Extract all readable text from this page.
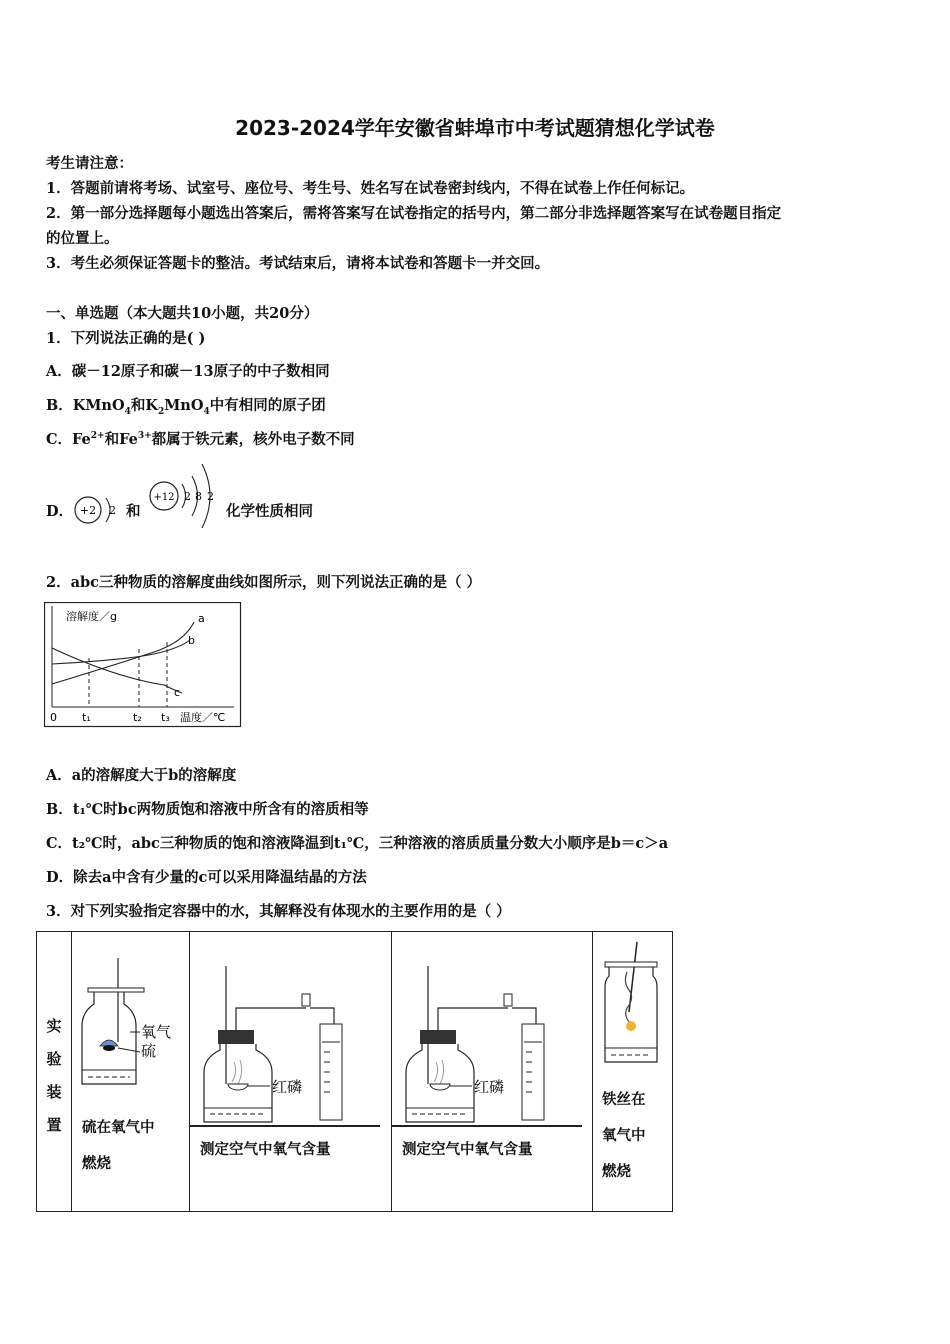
2023-2024学年安徽省蚌埠市中考试题猜想化学试卷
考生请注意：
1．答题前请将考场、试室号、座位号、考生号、姓名写在试卷密封线内，不得在试卷上作任何标记。
2．第一部分选择题每小题选出答案后，需将答案写在试卷指定的括号内，第二部分非选择题答案写在试卷题目指定
的位置上。
3．考生必须保证答题卡的整洁。考试结束后，请将本试卷和答题卡一并交回。
一、单选题（本大题共10小题，共20分）
1．下列说法正确的是( )
A．碳－12原子和碳－13原子的中子数相同
B．KMnO$_4$和$K_2MnO_4$中有相同的原子团
C．$Fe^{2+}$和$Fe^{3+}$都属于铁元素，核外电子数不同
D． +2 2 和
+12 2 8 2
化学性质相同
2．abc三种物质的溶解度曲线如图所示，则下列说法正确的是（ ）
溶解度／g	a
b
c
0 t₁	t₂ t₃ 温度／℃
A．a的溶解度大于b的溶解度
B．t₁℃时bc两物质饱和溶液中所含有的溶质相等
C．t₂℃时，abc三种物质的饱和溶液降温到t₁℃，三种溶液的溶质质量分数大小顺序是b＝c＞a
D．除去a中含有少量的c可以采用降温结晶的方法
3．对下列实验指定容器中的水，其解释没有体现水的主要作用的是（ ）
实
验
装
置

氧气
硫
硫在氧气中
燃烧

红磷
测定空气中氧气含量

红磷
测定空气中氧气含量

铁丝在
氧气中
燃烧
